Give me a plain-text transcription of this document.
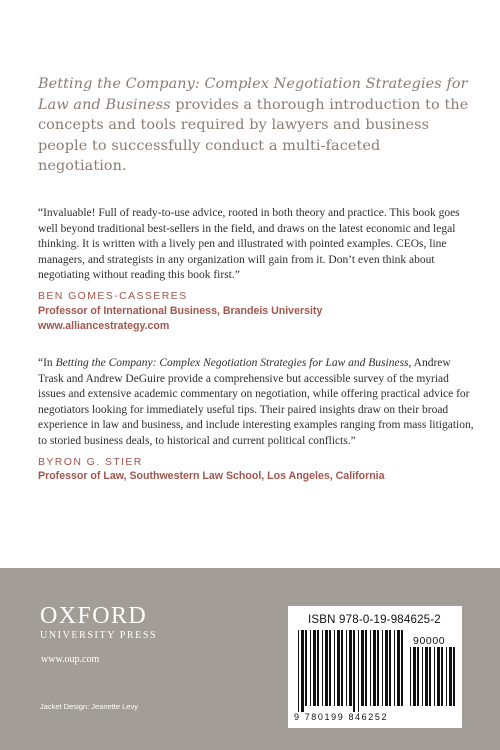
Betting the Company: Complex Negotiation Strategies for Law and Business provides a thorough introduction to the concepts and tools required by lawyers and business people to successfully conduct a multi-faceted negotiation.
“Invaluable! Full of ready-to-use advice, rooted in both theory and practice. This book goes well beyond traditional best-sellers in the field, and draws on the latest economic and legal thinking. It is written with a lively pen and illustrated with pointed examples. CEOs, line managers, and strategists in any organization will gain from it. Don’t even think about negotiating without reading this book first.”
BEN GOMES-CASSERES
Professor of International Business, Brandeis University
www.alliancestrategy.com
“In Betting the Company: Complex Negotiation Strategies for Law and Business, Andrew Trask and Andrew DeGuire provide a comprehensive but accessible survey of the myriad issues and extensive academic commentary on negotiation, while offering practical advice for negotiators looking for immediately useful tips. Their paired insights draw on their broad experience in law and business, and include interesting examples ranging from mass litigation, to storied business deals, to historical and current political conflicts.”
BYRON G. STIER
Professor of Law, Southwestern Law School, Los Angeles, California
OXFORD
UNIVERSITY PRESS
www.oup.com
Jacket Design: Jeanette Levy
ISBN 978-0-19-984625-2
90000
9 780199 846252
